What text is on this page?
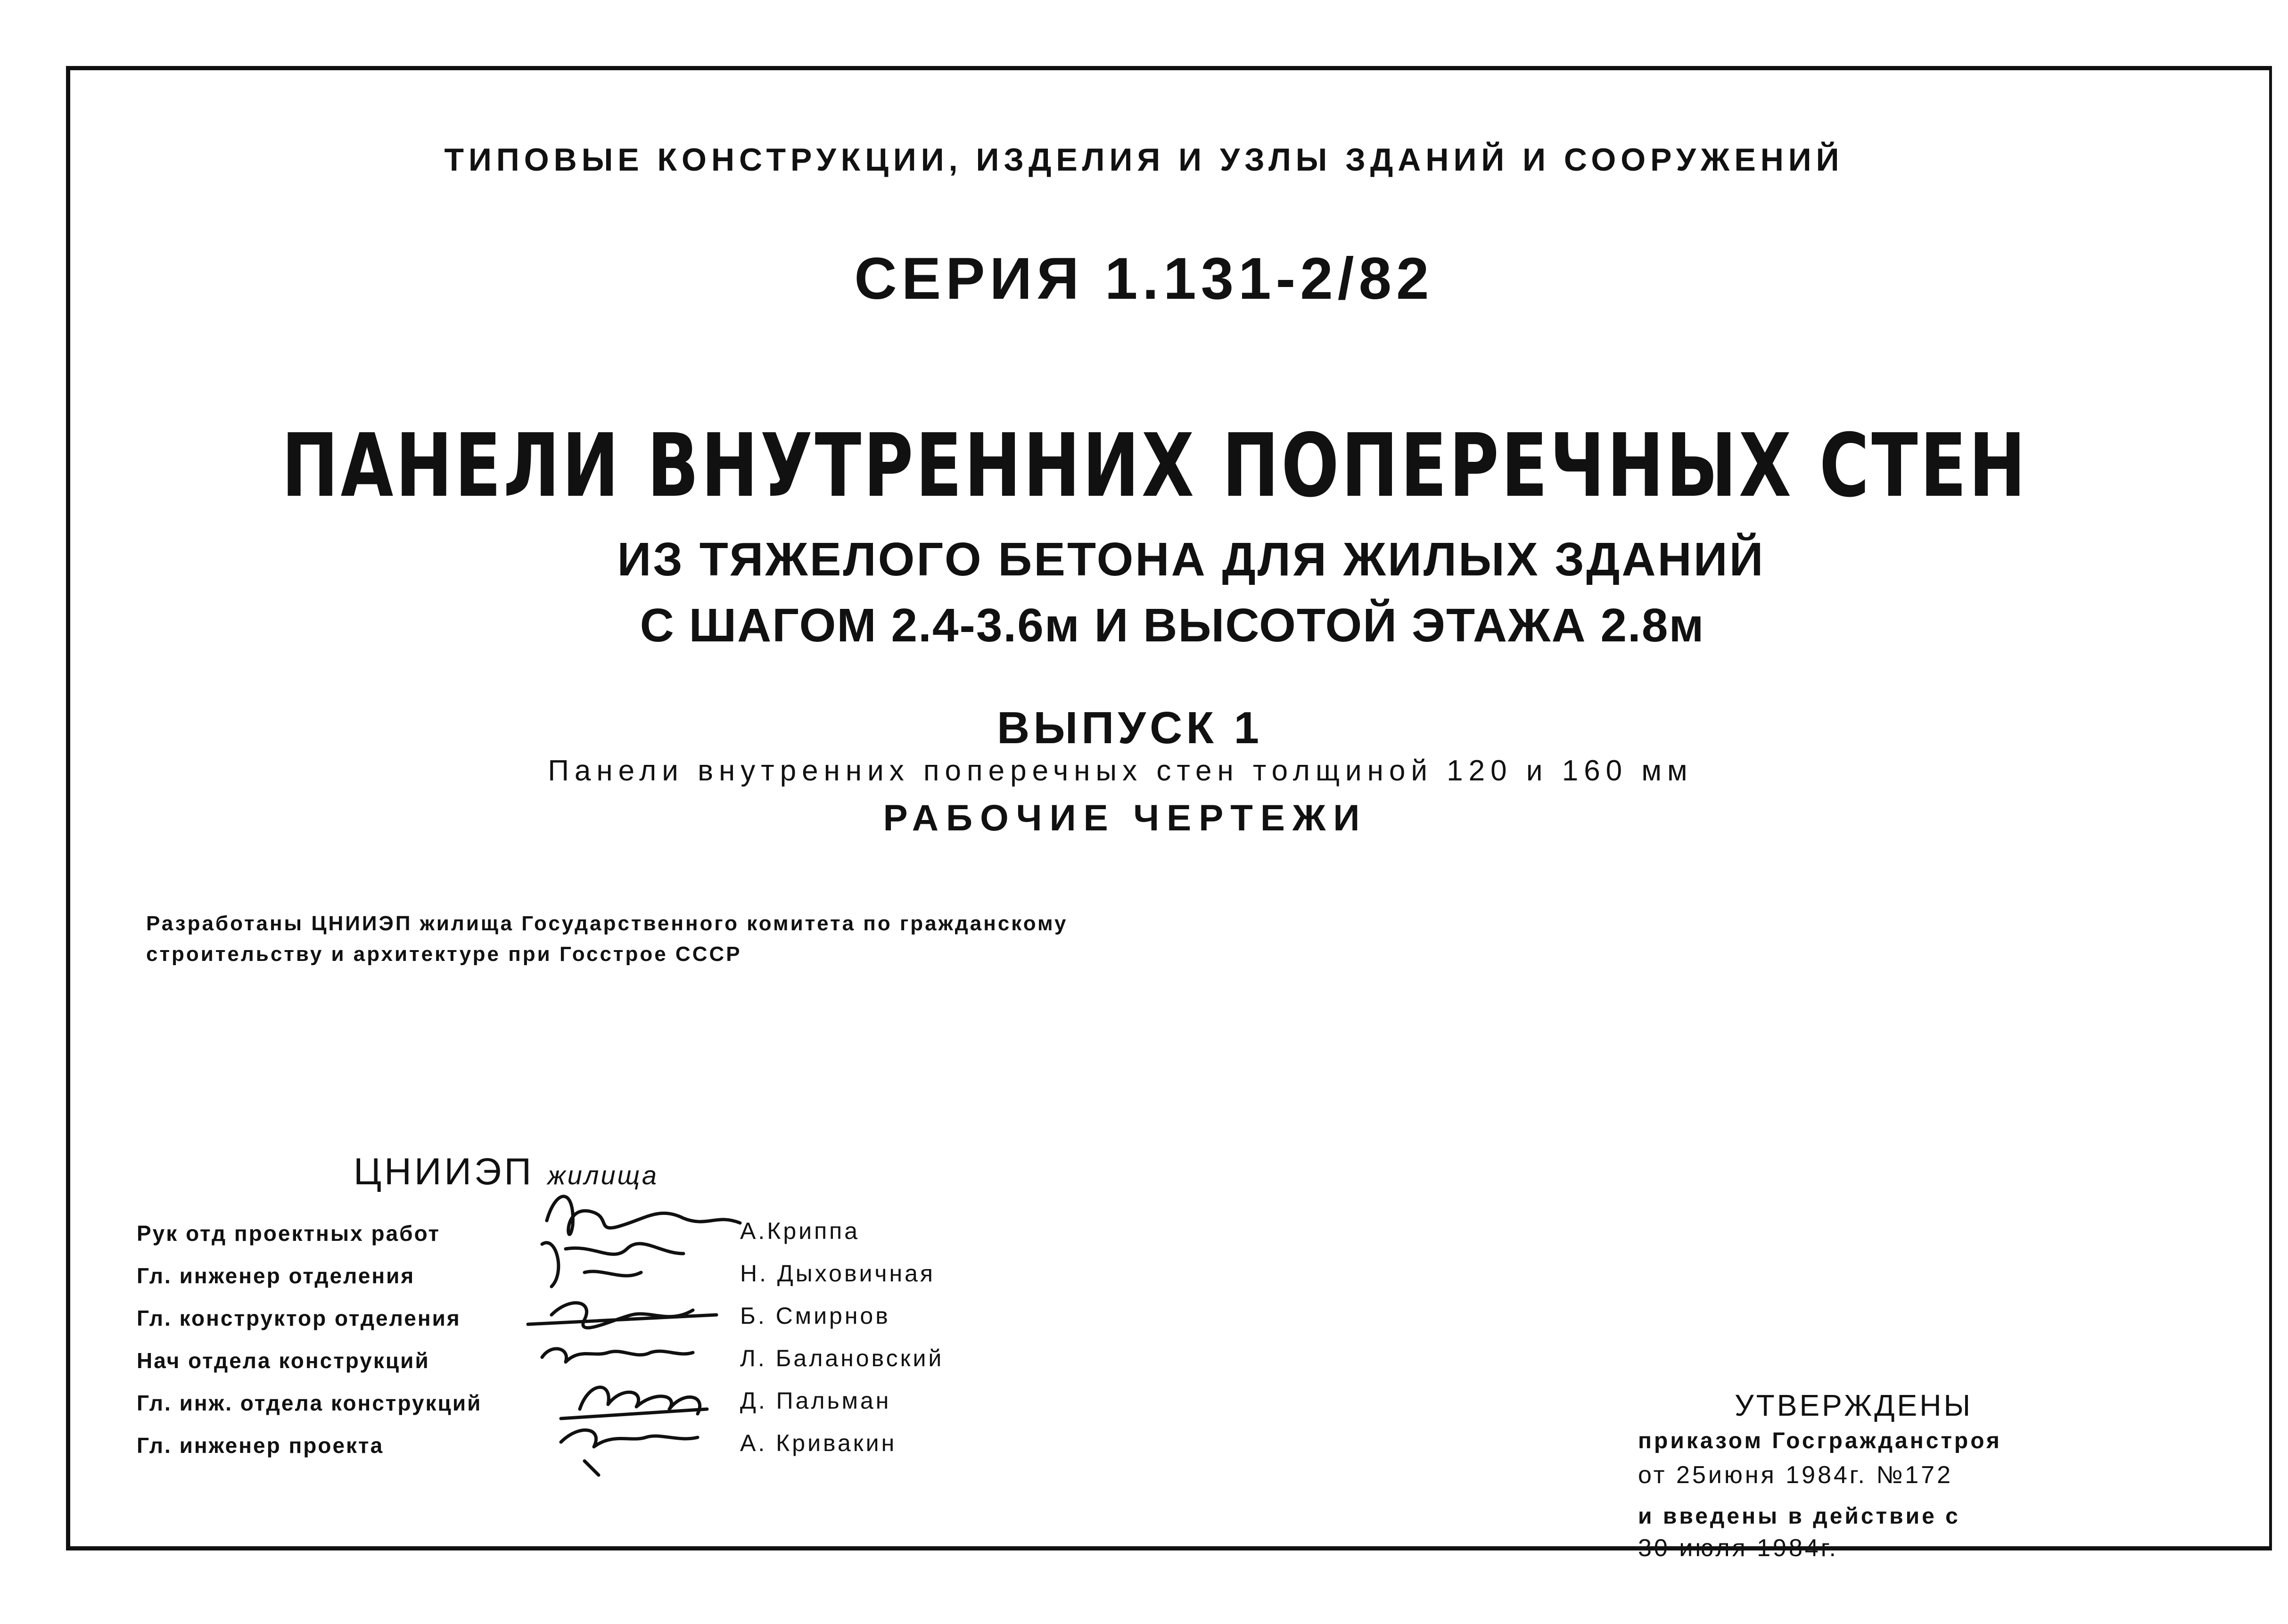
ТИПОВЫЕ КОНСТРУКЦИИ, ИЗДЕЛИЯ И УЗЛЫ ЗДАНИЙ И СООРУЖЕНИЙ
СЕРИЯ 1.131-2/82
ПАНЕЛИ ВНУТРЕННИХ ПОПЕРЕЧНЫХ СТЕН
ИЗ ТЯЖЕЛОГО БЕТОНА ДЛЯ ЖИЛЫХ ЗДАНИЙ
С ШАГОМ 2.4-3.6м И ВЫСОТОЙ ЭТАЖА 2.8м
ВЫПУСК 1
Панели внутренних поперечных стен толщиной 120 и 160 мм
РАБОЧИЕ ЧЕРТЕЖИ
Разработаны ЦНИИЭП жилища Государственного комитета по гражданскому
строительству и архитектуре при Госстрое СССР
ЦНИИЭП жилища
Рук отд проектных работ	А.Криппа
Гл. инженер отделения	Н. Дыховичная
Гл. конструктор отделения	Б. Смирнов
Нач отдела конструкций	Л. Балановский
Гл. инж. отдела конструкций	Д. Пальман
Гл. инженер проекта	А. Кривакин
УТВЕРЖДЕНЫ
приказом Госгражданстроя
от 25июня 1984г. №172
и введены в действие с
30 июля 1984г.
